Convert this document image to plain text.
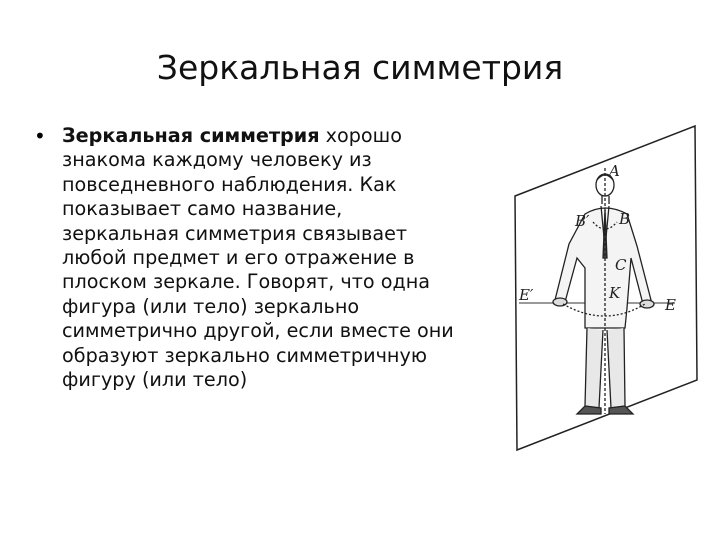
Зеркальная симметрия
• Зеркальная симметрия хорошо знакома каждому человеку из повседневного наблюдения. Как показывает само название, зеркальная симметрия связывает любой предмет и его отражение в плоском зеркале. Говорят, что одна фигура (или тело) зеркально симметрично другой, если вместе они образуют зеркально симметричную фигуру (или тело)
A
B′ B
C
E′	K
E
